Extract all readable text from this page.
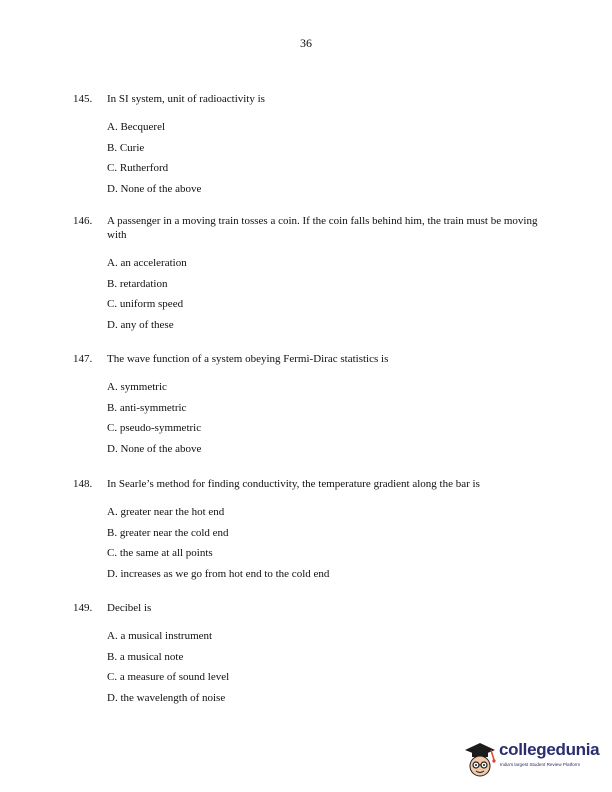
36
145.	In SI system, unit of radioactivity is
A. Becquerel
B. Curie
C. Rutherford
D. None of the above
146.	A passenger in a moving train tosses a coin. If the coin falls behind him, the train must be moving with
A. an acceleration
B. retardation
C. uniform speed
D. any of these
147.	The wave function of a system obeying Fermi-Dirac statistics is
A. symmetric
B. anti-symmetric
C. pseudo-symmetric
D. None of the above
148.	In Searle’s method for finding conductivity, the temperature gradient along the bar is
A. greater near the hot end
B. greater near the cold end
C. the same at all points
D. increases as we go from hot end to the cold end
149.	Decibel is
A. a musical instrument
B. a musical note
C. a measure of sound level
D. the wavelength of noise
collegedunia
India's largest Student Review Platform
